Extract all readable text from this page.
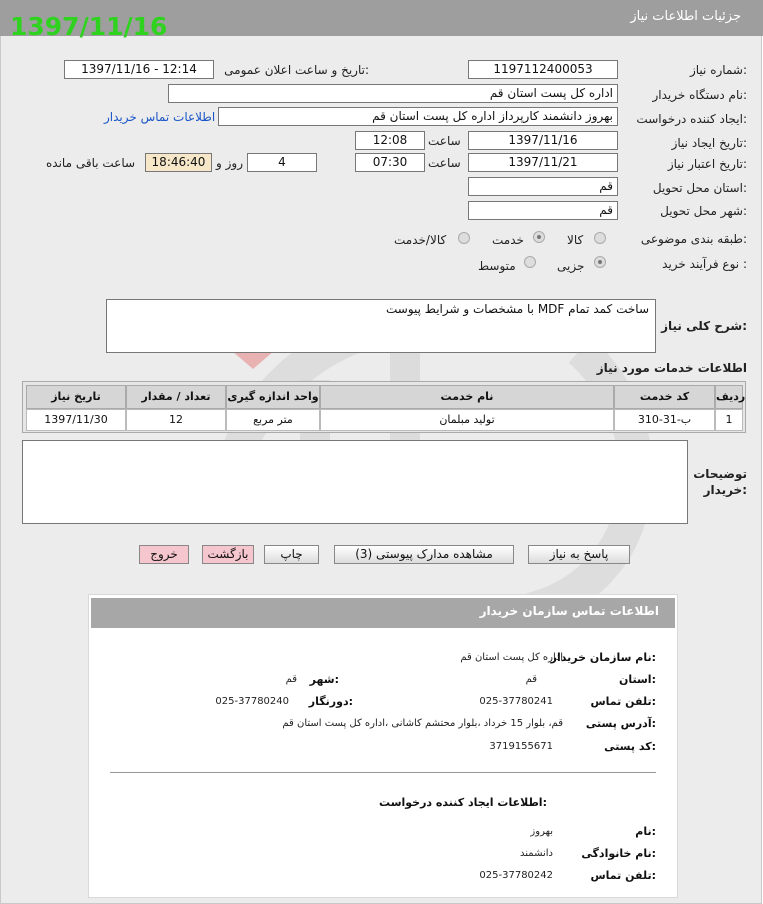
جزئیات اطلاعات نیاز
1397/11/16
شماره نیاز:
1197112400053
تاریخ و ساعت اعلان عمومی:
1397/11/16 - 12:14
نام دستگاه خریدار:
اداره کل پست استان قم
ایجاد کننده درخواست:
بهروز دانشمند کارپرداز اداره کل پست استان قم
اطلاعات تماس خریدار
تاریخ ایجاد نیاز:
1397/11/16
ساعت
12:08
تاریخ اعتبار نیاز:
1397/11/21
ساعت
07:30
4
روز و
18:46:40
ساعت باقی مانده
استان محل تحویل:
قم
شهر محل تحویل:
قم
طبقه بندی موضوعی:
کالا
خدمت
کالا/خدمت
نوع فرآیند خرید :
جزیی
متوسط
شرح کلی نیاز:
ساخت کمد تمام MDF با مشخصات و شرایط پیوست
اطلاعات خدمات مورد نیاز
ردیف
کد خدمت
نام خدمت
واحد اندازه گیری
تعداد / مقدار
تاریخ نیاز
1
ب-31-310
تولید مبلمان
متر مربع
12
1397/11/30
توضیحات خریدار:
پاسخ به نیاز
مشاهده مدارک پیوستی (3)
چاپ
بازگشت
خروج
اطلاعات تماس سازمان خریدار
نام سازمان خریدار:
اداره کل پست استان قم
استان:
قم
شهر:
قم
تلفن تماس:
025-37780241
دورنگار:
025-37780240
آدرس پستی:
قم، بلوار 15 خرداد ،بلوار محتشم کاشانی ،اداره کل پست استان قم
کد پستی:
3719155671
اطلاعات ایجاد کننده درخواست:
نام:
بهروز
نام خانوادگی:
دانشمند
تلفن تماس:
025-37780242
